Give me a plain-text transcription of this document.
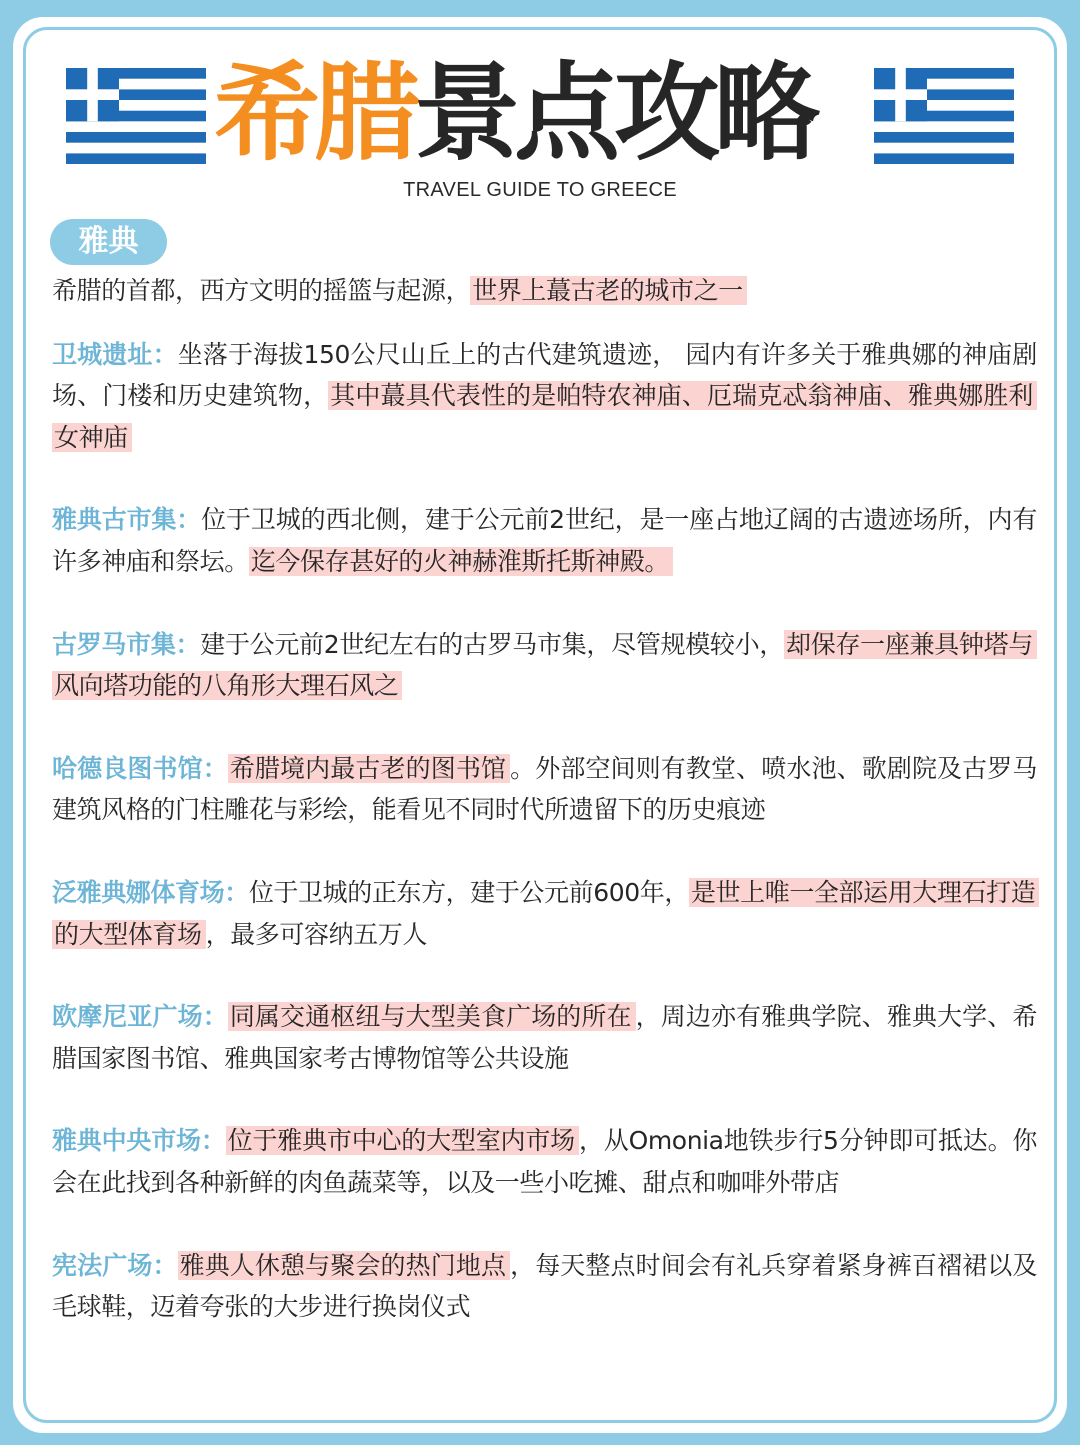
希腊景点攻略
TRAVEL GUIDE TO GREECE
雅典

希腊的首都，西方文明的摇篮与起源，世界上蕞古老的城市之一

卫城遗址：坐落于海拔150公尺山丘上的古代建筑遗迹， 园内有许多关于雅典娜的神庙剧场、门楼和历史建筑物，其中蕞具代表性的是帕特农神庙、厄瑞克忒翁神庙、雅典娜胜利女神庙

雅典古市集：位于卫城的西北侧，建于公元前2世纪，是一座占地辽阔的古遗迹场所，内有许多神庙和祭坛。迄今保存甚好的火神赫淮斯托斯神殿。

古罗马市集：建于公元前2世纪左右的古罗马市集，尽管规模较小，却保存一座兼具钟塔与风向塔功能的八角形大理石风之

哈德良图书馆：希腊境内最古老的图书馆 。外部空间则有教堂、喷水池、歌剧院及古罗马建筑风格的门柱雕花与彩绘，能看见不同时代所遗留下的历史痕迹

泛雅典娜体育场：位于卫城的正东方，建于公元前600年，是世上唯一全部运用大理石打造的大型体育场 ，最多可容纳五万人

欧摩尼亚广场：同属交通枢纽与大型美食广场的所在 ，周边亦有雅典学院、雅典大学、希腊国家图书馆、雅典国家考古博物馆等公共设施

雅典中央市场：位于雅典市中心的大型室内市场 ，从Omonia地铁步行5分钟即可抵达。你会在此找到各种新鲜的肉鱼蔬菜等，以及一些小吃摊、甜点和咖啡外带店

宪法广场：雅典人休憩与聚会的热门地点 ，每天整点时间会有礼兵穿着紧身裤百褶裙以及毛球鞋，迈着夸张的大步进行换岗仪式
